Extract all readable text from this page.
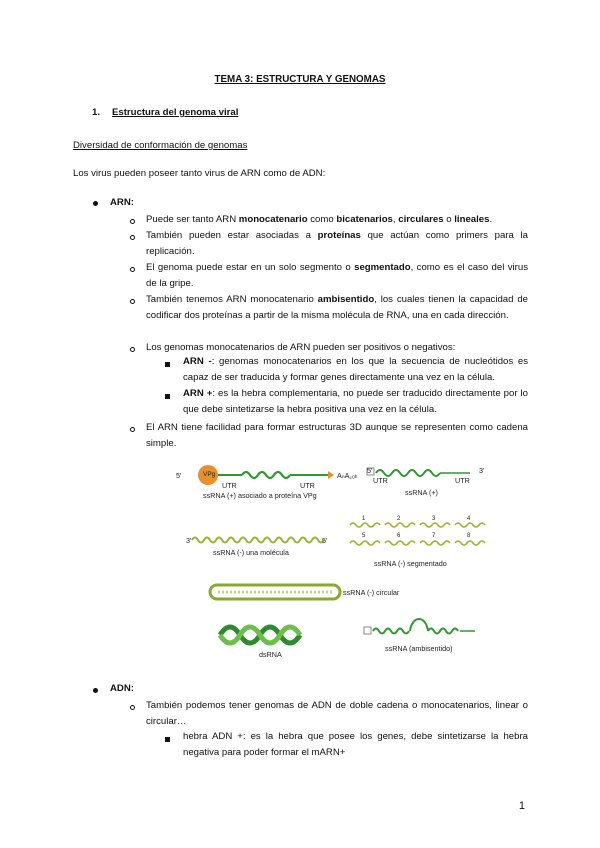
TEMA 3: ESTRUCTURA Y GENOMAS
1. Estructura del genoma viral
Diversidad de conformación de genomas
Los virus pueden poseer tanto virus de ARN como de ADN:
ARN:
Puede ser tanto ARN monocatenario como bicatenarios, circulares o lineales.
También pueden estar asociadas a proteínas que actúan como primers para la replicación.
El genoma puede estar en un solo segmento o segmentado, como es el caso del virus de la gripe.
También tenemos ARN monocatenario ambisentido, los cuales tienen la capacidad de codificar dos proteínas a partir de la misma molécula de RNA, una en cada dirección.
Los genomas monocatenarios de ARN pueden ser positivos o negativos:
ARN -: genomas monocatenarios en los que la secuencia de nucleótidos es capaz de ser traducida y formar genes directamente una vez en la célula.
ARN +: es la hebra complementaria, no puede ser traducido directamente por lo que debe sintetizarse la hebra positiva una vez en la célula.
El ARN tiene facilidad para formar estructuras 3D aunque se representen como cadena simple.
5'	VPg	AₙA꜀ₒₕ
UTR	UTR
ssRNA (+) asociado a proteína VPg
5'	3'
UTR	UTR
ssRNA (+)
3'	5'
ssRNA (-) una molécula
1	2	3	4
5	6	7	8
ssRNA (-) segmentado
ssRNA (-) circular
dsRNA
ssRNA (ambisentido)
ADN:
También podemos tener genomas de ADN de doble cadena o monocatenarios, linear o circular…
hebra ADN +: es la hebra que posee los genes, debe sintetizarse la hebra negativa para poder formar el mARN+
1
